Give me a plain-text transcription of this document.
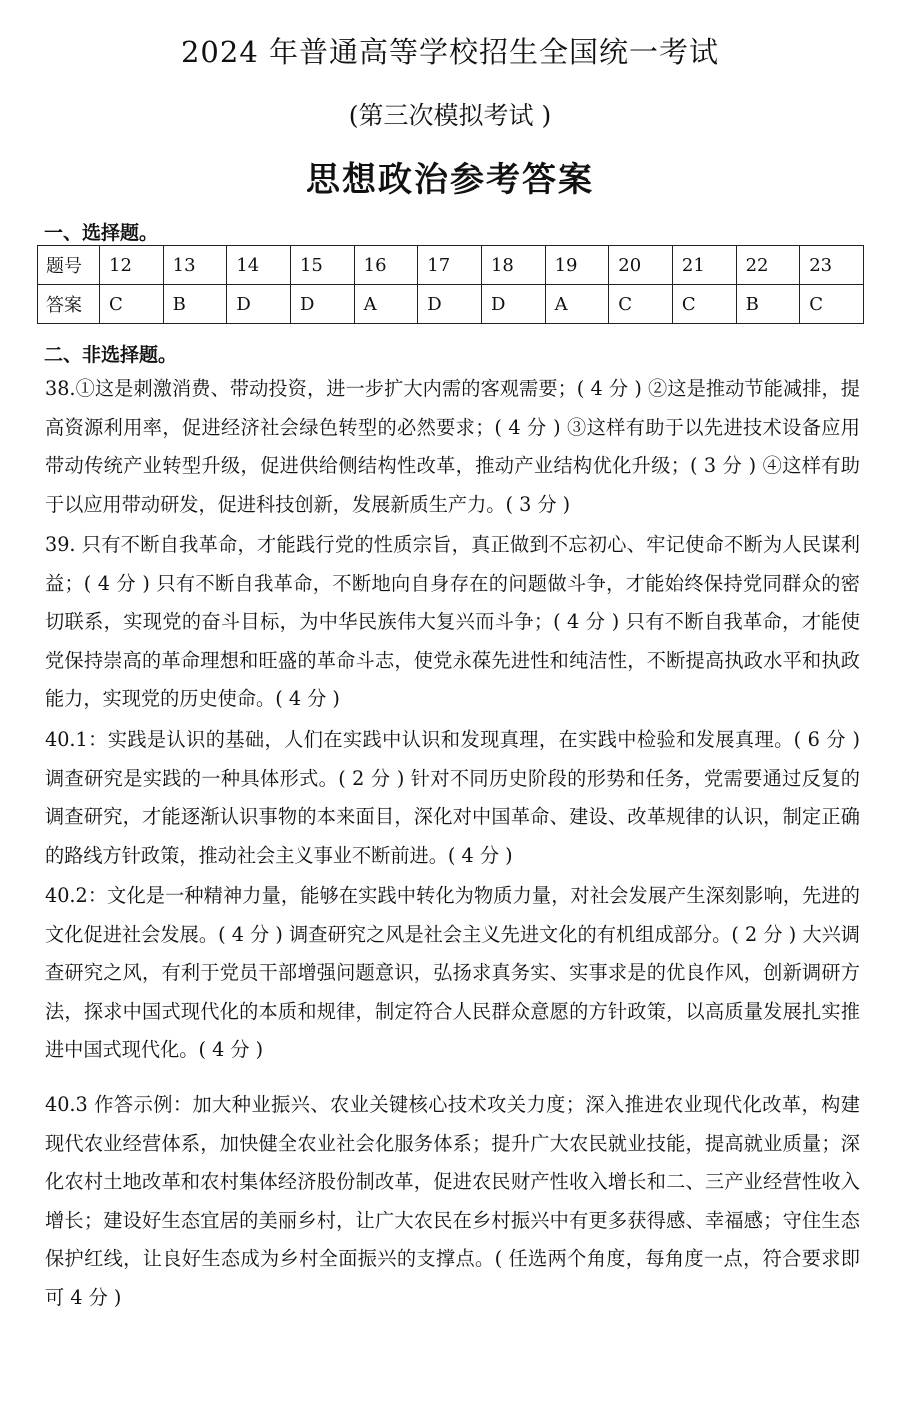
2024 年普通高等学校招生全国统一考试
(第三次模拟考试 )
思想政治参考答案
一、选择题。
题号	12	13	14	15	16	17	18	19	20	21	22	23
答案	C	B	D	D	A	D	D	A	C	C	B	C
二、非选择题。
38.①这是刺激消费、带动投资，进一步扩大内需的客观需要；( 4 分 ) ②这是推动节能减排，提高资源利用率，促进经济社会绿色转型的必然要求；( 4 分 ) ③这样有助于以先进技术设备应用带动传统产业转型升级，促进供给侧结构性改革，推动产业结构优化升级；( 3 分 ) ④这样有助于以应用带动研发，促进科技创新，发展新质生产力。( 3 分 )
39. 只有不断自我革命，才能践行党的性质宗旨，真正做到不忘初心、牢记使命不断为人民谋利益；( 4 分 ) 只有不断自我革命，不断地向自身存在的问题做斗争，才能始终保持党同群众的密切联系，实现党的奋斗目标，为中华民族伟大复兴而斗争；( 4 分 ) 只有不断自我革命，才能使党保持崇高的革命理想和旺盛的革命斗志，使党永葆先进性和纯洁性，不断提高执政水平和执政能力，实现党的历史使命。( 4 分 )
40.1：实践是认识的基础，人们在实践中认识和发现真理，在实践中检验和发展真理。( 6 分 ) 调查研究是实践的一种具体形式。( 2 分 ) 针对不同历史阶段的形势和任务，党需要通过反复的调查研究，才能逐渐认识事物的本来面目，深化对中国革命、建设、改革规律的认识，制定正确的路线方针政策，推动社会主义事业不断前进。( 4 分 )
40.2：文化是一种精神力量，能够在实践中转化为物质力量，对社会发展产生深刻影响，先进的文化促进社会发展。( 4 分 ) 调查研究之风是社会主义先进文化的有机组成部分。( 2 分 ) 大兴调查研究之风，有利于党员干部增强问题意识，弘扬求真务实、实事求是的优良作风，创新调研方法，探求中国式现代化的本质和规律，制定符合人民群众意愿的方针政策，以高质量发展扎实推进中国式现代化。( 4 分 )
40.3 作答示例：加大种业振兴、农业关键核心技术攻关力度；深入推进农业现代化改革，构建现代农业经营体系，加快健全农业社会化服务体系；提升广大农民就业技能，提高就业质量；深化农村土地改革和农村集体经济股份制改革，促进农民财产性收入增长和二、三产业经营性收入增长；建设好生态宜居的美丽乡村，让广大农民在乡村振兴中有更多获得感、幸福感；守住生态保护红线，让良好生态成为乡村全面振兴的支撑点。( 任选两个角度，每角度一点，符合要求即可 4 分 )
